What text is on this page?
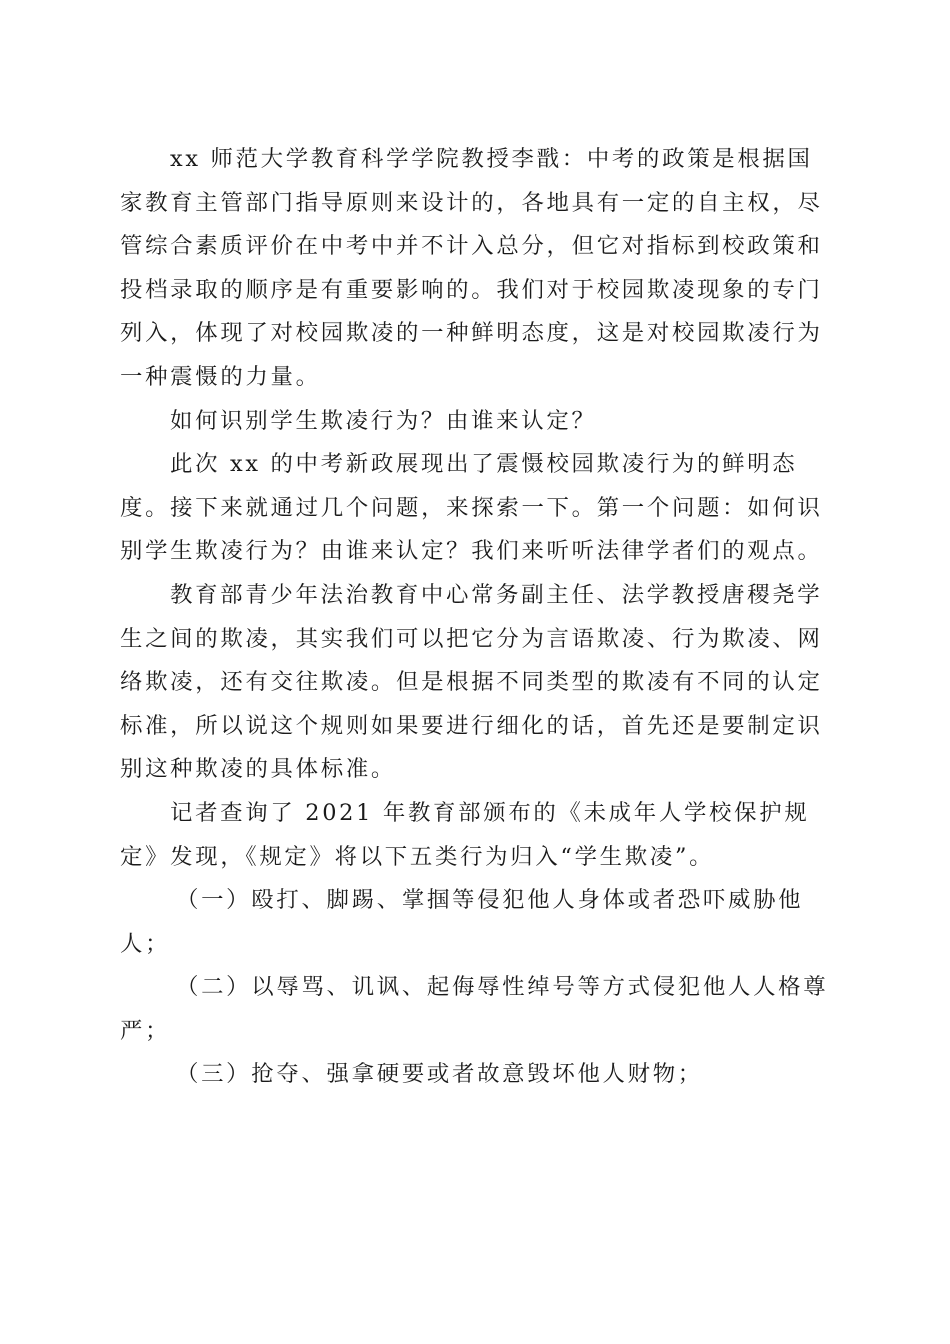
xx 师范大学教育科学学院教授李戬：中考的政策是根据国家教育主管部门指导原则来设计的，各地具有一定的自主权，尽管综合素质评价在中考中并不计入总分，但它对指标到校政策和投档录取的顺序是有重要影响的。我们对于校园欺凌现象的专门列入，体现了对校园欺凌的一种鲜明态度，这是对校园欺凌行为一种震慑的力量。

如何识别学生欺凌行为？由谁来认定？

此次 xx 的中考新政展现出了震慑校园欺凌行为的鲜明态度。接下来就通过几个问题，来探索一下。第一个问题：如何识别学生欺凌行为？由谁来认定？我们来听听法律学者们的观点。

教育部青少年法治教育中心常务副主任、法学教授唐稷尧学生之间的欺凌，其实我们可以把它分为言语欺凌、行为欺凌、网络欺凌，还有交往欺凌。但是根据不同类型的欺凌有不同的认定标准，所以说这个规则如果要进行细化的话，首先还是要制定识别这种欺凌的具体标准。

记者查询了 2021 年教育部颁布的《未成年人学校保护规定》发现，《规定》将以下五类行为归入“学生欺凌”。

（一）殴打、脚踢、掌掴等侵犯他人身体或者恐吓威胁他人；

（二）以辱骂、讥讽、起侮辱性绰号等方式侵犯他人人格尊严；

（三）抢夺、强拿硬要或者故意毁坏他人财物；
